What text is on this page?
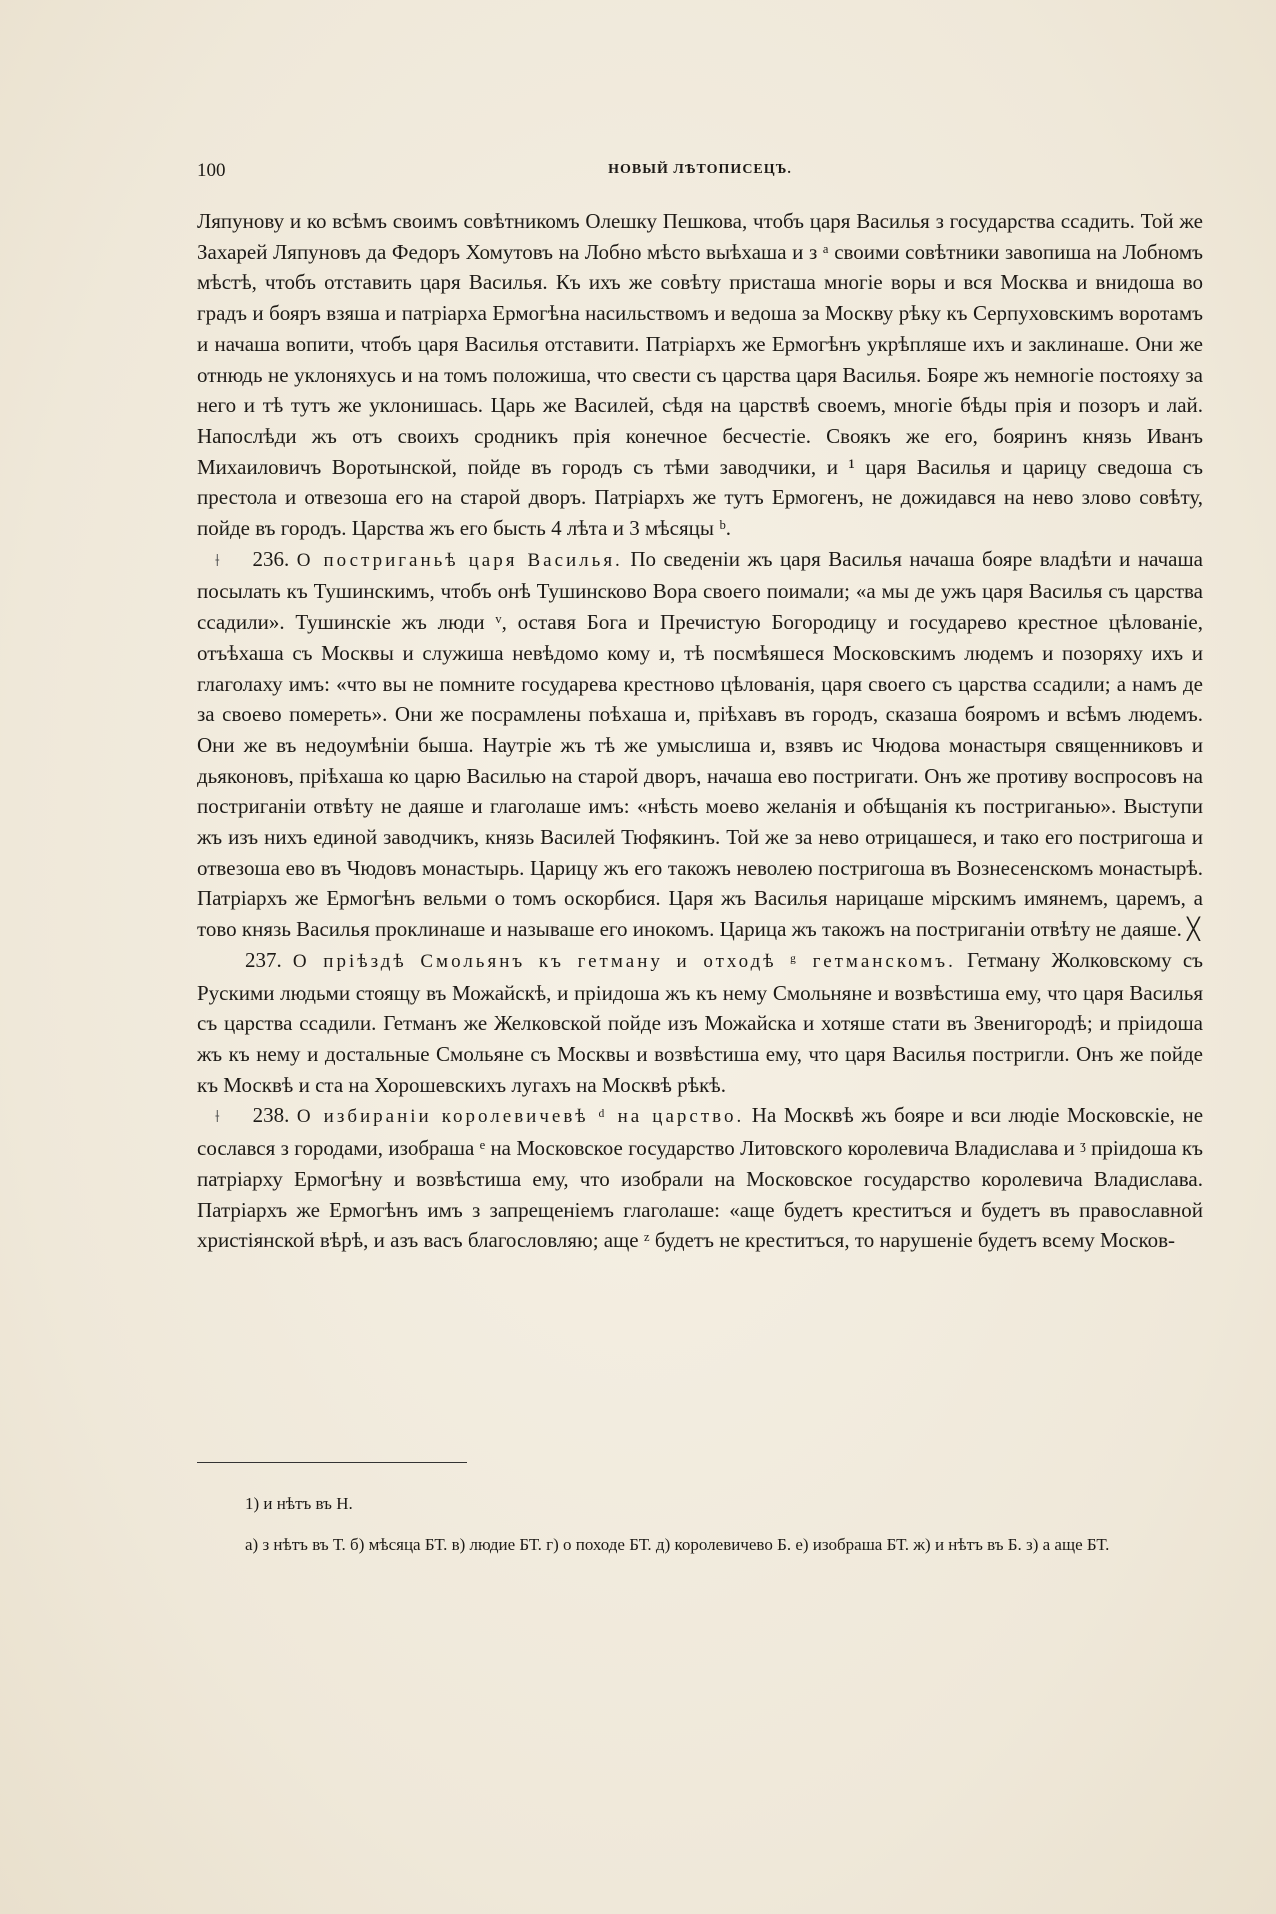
100	НОВЫЙ ЛѢТОПИСЕЦЪ.

Ляпунову и ко всѣмъ своимъ совѣтникомъ Олешку Пешкова, чтобъ царя Василья з государства ссадить. Той же Захарей Ляпуновъ да Федоръ Хомутовъ на Лобно мѣсто выѣхаша и з ᵃ своими совѣтники завопиша на Лобномъ мѣстѣ, чтобъ отставить царя Василья. Къ ихъ же совѣту присташа многіе воры и вся Москва и внидоша во градъ и бояръ взяша и патріарха Ермогѣна насильствомъ и ведоша за Москву рѣку къ Серпуховскимъ воротамъ и начаша вопити, чтобъ царя Василья отставити. Патріархъ же Ермогѣнъ укрѣпляше ихъ и заклинаше. Они же отнюдь не уклоняхусь и на томъ положиша, что свести съ царства царя Василья. Бояре жъ немногіе постояху за него и тѣ тутъ же уклонишась. Царь же Василей, сѣдя на царствѣ своемъ, многіе бѣды прія и позоръ и лай. Напослѣди жъ отъ своихъ сродникъ прія конечное бесчестіе. Своякъ же его, бояринъ князь Иванъ Михаиловичъ Воротынской, пойде въ городъ съ тѣми заводчики, и ¹ царя Василья и царицу сведоша съ престола и отвезоша его на старой дворъ. Патріархъ же тутъ Ермогенъ, не дожидався на нево злово совѣту, пойде въ городъ. Царства жъ его бысть 4 лѣта и 3 мѣсяцы ᵇ.

⟊ 236. О постриганьѣ царя Василья. По сведеніи жъ царя Василья начаша бояре владѣти и начаша посылать къ Тушинскимъ, чтобъ онѣ Тушинсково Вора своего поимали; «а мы де ужъ царя Василья съ царства ссадили». Тушинскіе жъ люди ᵛ, оставя Бога и Пречистую Богородицу и государево крестное цѣлованіе, отъѣхаша съ Москвы и служиша невѣдомо кому и, тѣ посмѣяшеся Московскимъ людемъ и позоряху ихъ и глаголаху имъ: «что вы не помните государева крестново цѣлованія, царя своего съ царства ссадили; а намъ де за своево помереть». Они же посрамлены поѣхаша и, пріѣхавъ въ городъ, сказаша бояромъ и всѣмъ людемъ. Они же въ недоумѣніи быша. Наутріе жъ тѣ же умыслиша и, взявъ ис Чюдова монастыря священниковъ и дьяконовъ, пріѣхаша ко царю Василью на старой дворъ, начаша ево постригати. Онъ же противу воспросовъ на постриганіи отвѣту не даяше и глаголаше имъ: «нѣсть моево желанія и обѣщанія къ постриганью». Выступи жъ изъ нихъ единой заводчикъ, князь Василей Тюфякинъ. Той же за нево отрицашеся, и тако его постригоша и отвезоша ево въ Чюдовъ монастырь. Царицу жъ его такожъ неволею постригоша въ Вознесенскомъ монастырѣ. Патріархъ же Ермогѣнъ вельми о томъ оскорбися. Царя жъ Василья нарицаше мірскимъ имянемъ, царемъ, а тово князь Василья проклинаше и называше его инокомъ. Царица жъ такожъ на постриганіи отвѣту не даяше. ╳

237. О пріѣздѣ Смольянъ къ гетману и отходѣ ᵍ гетманскомъ. Гетману Жолковскому съ Рускими людьми стоящу въ Можайскѣ, и пріидоша жъ къ нему Смольняне и возвѣстиша ему, что царя Василья съ царства ссадили. Гетманъ же Желковской пойде изъ Можайска и хотяше стати въ Звенигородѣ; и пріидоша жъ къ нему и достальные Смольяне съ Москвы и возвѣстиша ему, что царя Василья постригли. Онъ же пойде къ Москвѣ и ста на Хорошевскихъ лугахъ на Москвѣ рѣкѣ.

⟊ 238. О избираніи королевичевѣ ᵈ на царство. На Москвѣ жъ бояре и вси людіе Московскіе, не сослався з городами, изобраша ᵉ на Московское государство Литовского королевича Владислава и ᶾ пріидоша къ патріарху Ермогѣну и возвѣстиша ему, что изобрали на Московское государство королевича Владислава. Патріархъ же Ермогѣнъ имъ з запрещеніемъ глаголаше: «аще будетъ креститъся и будетъ въ православной христіянской вѣрѣ, и азъ васъ благословляю; аще ᶻ будетъ не креститъся, то нарушеніе будетъ всему Москов-

1) и нѣтъ въ Н.

а) з нѣтъ въ Т. б) мѣсяца БТ. в) людие БТ. г) о походе БТ. д) королевичево Б. е) изобраша БТ. ж) и нѣтъ въ Б. з) а аще БТ.
